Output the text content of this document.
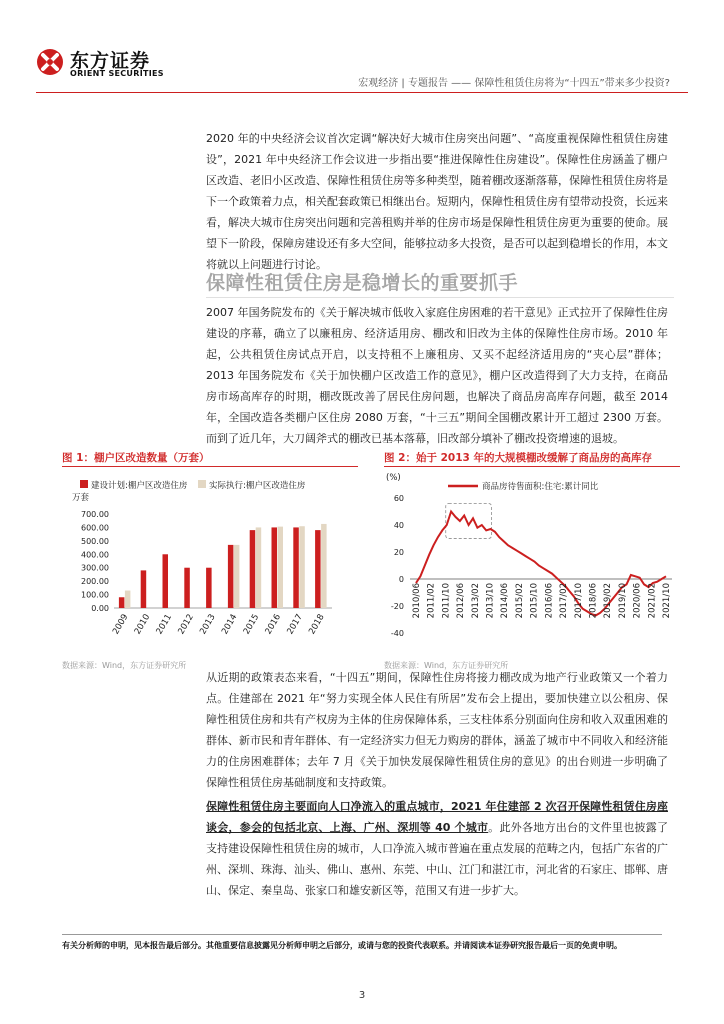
东方证券
ORIENT SECURITIES
宏观经济 | 专题报告 —— 保障性租赁住房将为“十四五”带来多少投资?

2020 年的中央经济会议首次定调“解决好大城市住房突出问题”、“高度重视保障性租赁住房建设”，2021 年中央经济工作会议进一步指出要“推进保障性住房建设”。保障性住房涵盖了棚户区改造、老旧小区改造、保障性租赁住房等多种类型，随着棚改逐渐落幕，保障性租赁住房将是下一个政策着力点，相关配套政策已相继出台。短期内，保障性租赁住房有望带动投资，长远来看，解决大城市住房突出问题和完善租购并举的住房市场是保障性租赁住房更为重要的使命。展望下一阶段，保障房建设还有多大空间，能够拉动多大投资，是否可以起到稳增长的作用，本文将就以上问题进行讨论。

保障性租赁住房是稳增长的重要抓手

2007 年国务院发布的《关于解决城市低收入家庭住房困难的若干意见》正式拉开了保障性住房建设的序幕，确立了以廉租房、经济适用房、棚改和旧改为主体的保障性住房市场。2010 年起，公共租赁住房试点开启，以支持租不上廉租房、又买不起经济适用房的“夹心层”群体；2013 年国务院发布《关于加快棚户区改造工作的意见》，棚户区改造得到了大力支持，在商品房市场高库存的时期，棚改既改善了居民住房问题，也解决了商品房高库存问题，截至 2014 年，全国改造各类棚户区住房 2080 万套，“十三五”期间全国棚改累计开工超过 2300 万套。而到了近几年，大刀阔斧式的棚改已基本落幕，旧改部分填补了棚改投资增速的退坡。

图 1：棚户区改造数量（万套）
建设计划:棚户区改造住房	实际执行:棚户区改造住房
万套
0.00
100.00
200.00
300.00
400.00
500.00
600.00
700.00
2009 2010 2011 2012 2013 2014 2015 2016 2017 2018
数据来源：Wind，东方证券研究所
图 2：始于 2013 年的大规模棚改缓解了商品房的高库存
(%)
商品房待售面积:住宅:累计同比
-40
-20
0
20
40
60
2010/06 2011/02 2011/10 2012/06 2013/02 2013/10 2014/06 2015/02 2015/10 2016/06 2017/02 2017/10 2018/06 2019/02 2019/10 2020/06 2021/02 2021/10
数据来源：Wind，东方证券研究所

从近期的政策表态来看，“十四五”期间，保障性住房将接力棚改成为地产行业政策又一个着力点。住建部在 2021 年“努力实现全体人民住有所居”发布会上提出，要加快建立以公租房、保障性租赁住房和共有产权房为主体的住房保障体系，三支柱体系分别面向住房和收入双重困难的群体、新市民和青年群体、有一定经济实力但无力购房的群体，涵盖了城市中不同收入和经济能力的住房困难群体；去年 7 月《关于加快发展保障性租赁住房的意见》的出台则进一步明确了保障性租赁住房基础制度和支持政策。

保障性租赁住房主要面向人口净流入的重点城市，2021 年住建部 2 次召开保障性租赁住房座谈会，参会的包括北京、上海、广州、深圳等 40 个城市。此外各地方出台的文件里也披露了支持建设保障性租赁住房的城市，人口净流入城市普遍在重点发展的范畴之内，包括广东省的广州、深圳、珠海、汕头、佛山、惠州、东莞、中山、江门和湛江市，河北省的石家庄、邯郸、唐山、保定、秦皇岛、张家口和雄安新区等，范围又有进一步扩大。

有关分析师的申明，见本报告最后部分。其他重要信息披露见分析师申明之后部分，或请与您的投资代表联系。并请阅读本证券研究报告最后一页的免责申明。
3
